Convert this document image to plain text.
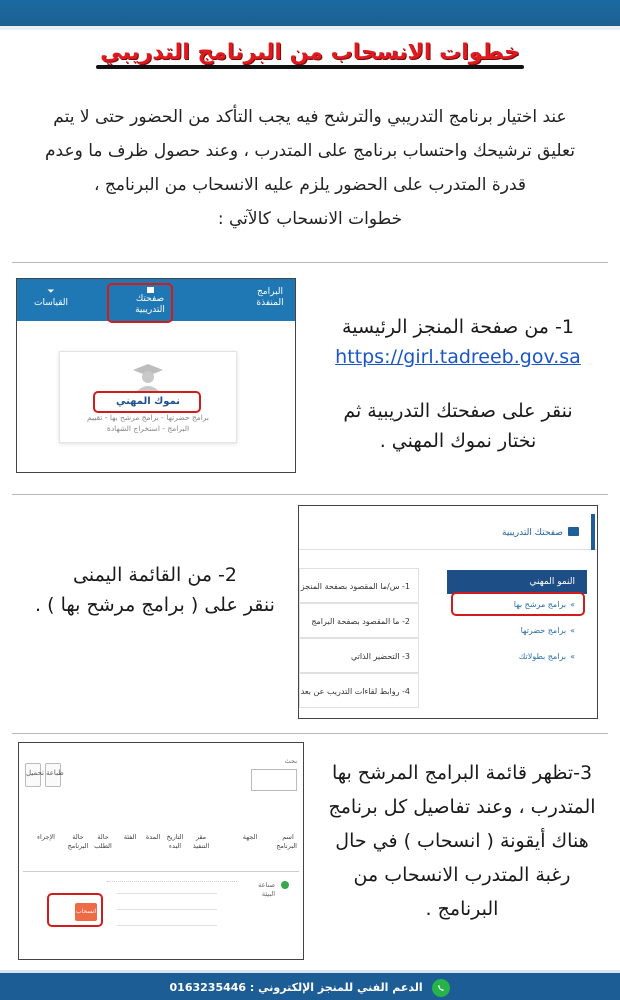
خطوات الانسحاب من البرنامج التدريبي

عند اختيار برنامج التدريبي والترشح فيه يجب التأكد من الحضور حتى لا يتم

تعليق ترشيحك واحتساب برنامج على المتدرب ، وعند حصول ظرف ما وعدم

قدرة المتدرب على الحضور يلزم عليه الانسحاب من البرنامج ،

خطوات الانسحاب كالآتي :

البرامج المنفذة
صفحتك التدريبية
⏷
القياسات
نموك المهني
برامج حضرتها - برامج مرشح بها - تقييم
البرامج - استخراج الشهادة
1- من صفحة المنجز الرئيسية
https://girl.tadreeb.gov.sa
ننقر على صفحتك التدريبية ثم
نختار نموك المهني .
2- من القائمة اليمنى
ننقر على ( برامج مرشح بها ) .
صفحتك التدريبية
النمو المهني
» برامج مرشح بها
» برامج حضرتها
» برامج بطولاتك
1- س/ما المقصود بصفحة المنجز
2- ما المقصود بصفحة البرامج
3- التحضير الذاتي
4- روابط لقاءات التدريب عن بعد
تحميل طباعة
بحث
اسم البرنامج
الجهة
مقر التنفيذ
التاريخ البدء
المدة
الفئة
حالة الطلب
حالة البرنامج
الإجراء
صناعة البيئة
انسحاب
3-تظهر قائمة البرامج المرشح بها
المتدرب ، وعند تفاصيل كل برنامج
هناك أيقونة ( انسحاب ) في حال
رغبة المتدرب الانسحاب من
البرنامج .
الدعم الفني للمنجز الإلكتروني : 0163235446
